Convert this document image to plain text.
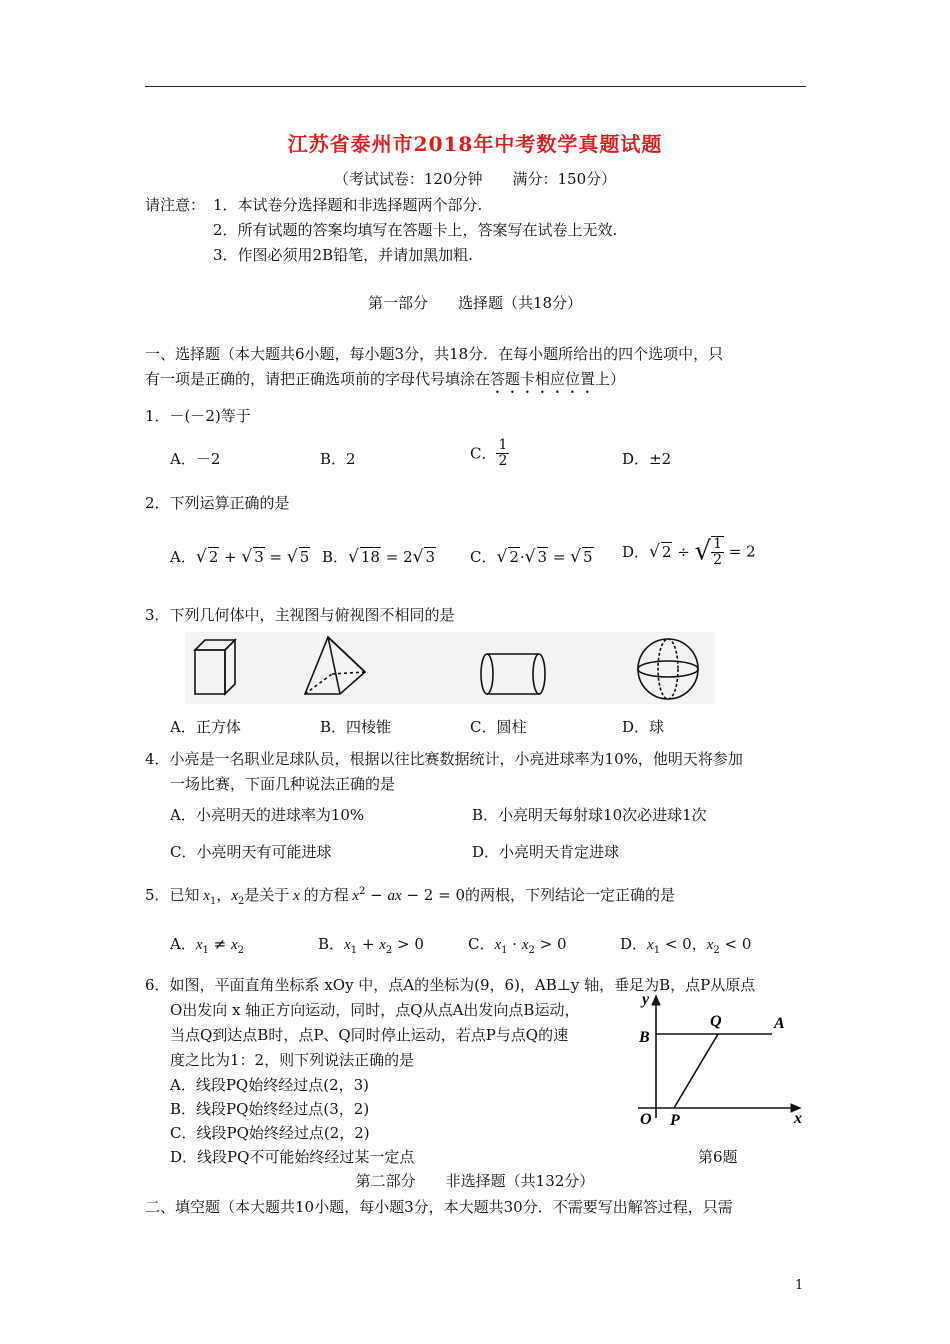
江苏省泰州市2018年中考数学真题试题
（考试试卷：120分钟　　满分：150分）
请注意： 1．本试卷分选择题和非选择题两个部分.
2．所有试题的答案均填写在答题卡上，答案写在试卷上无效.
3．作图必须用2B铅笔，并请加黑加粗.
第一部分　　选择题（共18分）
一、选择题（本大题共6小题，每小题3分，共18分．在每小题所给出的四个选项中，只
有一项是正确的，请把正确选项前的字母代号填涂在答题卡相应位置上）
1．－(－2)等于
A．－2	B．2	C． $\frac{1}{2}$	D．±2
2．下列运算正确的是
A．√ 2 + √ 3 = √ 5 B．√ 18 = 2√ 3 C．√ 2·√ 3 = √ 5 D．√ 2 ÷ √ $\frac{1}{2} = 2$
3．下列几何体中，主视图与俯视图不相同的是
A．正方体	B．四棱锥	C．圆柱	D．球
4．小亮是一名职业足球队员，根据以往比赛数据统计，小亮进球率为10%，他明天将参加
一场比赛，下面几种说法正确的是
A．小亮明天的进球率为10%	B．小亮明天每射球10次必进球1次
C．小亮明天有可能进球	D．小亮明天肯定进球
5．已知 $x_1$，$x_2$是关于 x 的方程 $x^2$ − ax − 2 = 0的两根，下列结论一定正确的是
A．$x_1 \ne x_2$	B．$x_1 + x_2 > 0$	C．$x_1 \cdot x_2 > 0$	D．$x_1 < 0$，$x_2 < 0$
6．如图，平面直角坐标系 xOy 中，点A的坐标为(9，6)，AB⊥y 轴，垂足为B，点P从原点
O出发向 x 轴正方向运动，同时，点Q从点A出发向点B运动，
当点Q到达点B时，点P、Q同时停止运动，若点P与点Q的速
度之比为1：2，则下列说法正确的是
A．线段PQ始终经过点(2，3)
B．线段PQ始终经过点(3，2)
C．线段PQ始终经过点(2，2)
D．线段PQ不可能始终经过某一定点
y
x
B
Q	A
O P
第6题
第二部分　　非选择题（共132分）
二、填空题（本大题共10小题，每小题3分，本大题共30分．不需要写出解答过程，只需
1
